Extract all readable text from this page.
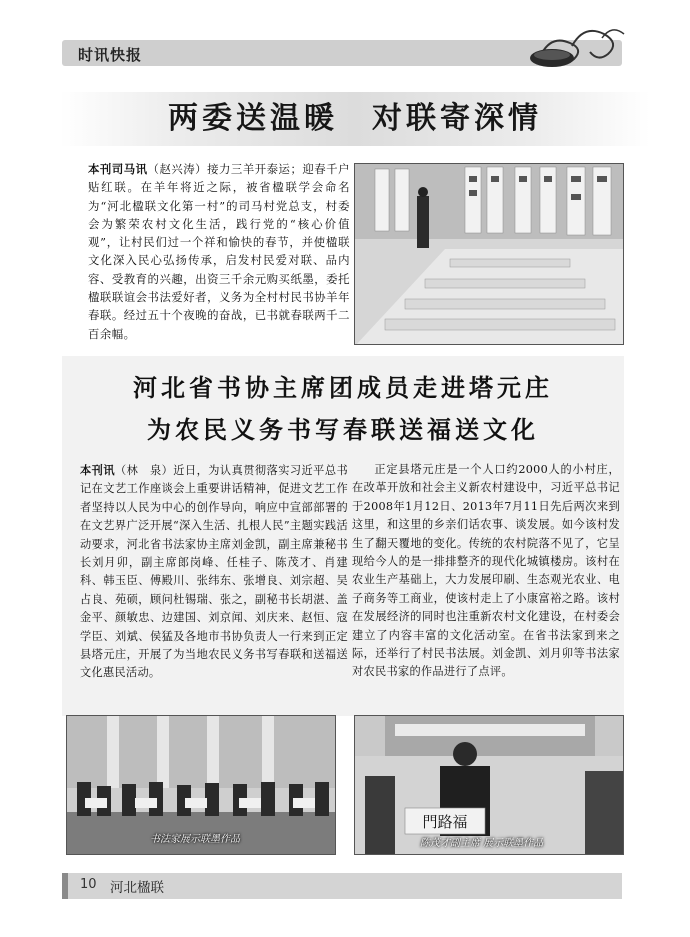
时讯快报
两委送温暖　对联寄深情
本刊司马讯（赵兴涛）接力三羊开泰运；迎春千户贴红联。在羊年将近之际，被省楹联学会命名为“河北楹联文化第一村”的司马村党总支，村委会为繁荣农村文化生活，践行党的“核心价值观”，让村民们过一个祥和愉快的春节，并使楹联文化深入民心弘扬传承，启发村民爱对联、品内容、受教育的兴趣，出资三千余元购买纸墨，委托楹联联谊会书法爱好者，义务为全村村民书协羊年春联。经过五十个夜晚的奋战，已书就春联两千二百余幅。
河北省书协主席团成员走进塔元庄
为农民义务书写春联送福送文化
本刊讯（林　泉）近日，为认真贯彻落实习近平总书记在文艺工作座谈会上重要讲话精神，促进文艺工作者坚持以人民为中心的创作导向，响应中宣部部署的在文艺界广泛开展“深入生活、扎根人民”主题实践活动要求，河北省书法家协主席刘金凯，副主席兼秘书长刘月卯，副主席郎岗峰、任桂子、陈茂才、肖建科、韩玉臣、傅殿川、张纬东、张增良、刘宗超、吴占良、苑硕，顾问杜锡瑞、张之，副秘书长胡湛、盖金平、颜敏忠、边建国、刘京闻、刘庆来、赵恒、寇学臣、刘斌、侯猛及各地市书协负责人一行来到正定县塔元庄，开展了为当地农民义务书写春联和送福送文化惠民活动。
正定县塔元庄是一个人口约2000人的小村庄，在改革开放和社会主义新农村建设中，习近平总书记于2008年1月12日、2013年7月11日先后两次来到这里，和这里的乡亲们话农事、谈发展。如今该村发生了翻天覆地的变化。传统的农村院落不见了，它呈现给今人的是一排排整齐的现代化城镇楼房。该村在农业生产基础上，大力发展印刷、生态观光农业、电子商务等工商业，使该村走上了小康富裕之路。该村在发展经济的同时也注重新农村文化建设，在村委会建立了内容丰富的文化活动室。在省书法家到来之际，还举行了村民书法展。刘金凯、刘月卯等书法家对农民书家的作品进行了点评。
书法家展示联墨作品
門路福
陈茂才副主席 展示联墨作品
10 河北楹联
